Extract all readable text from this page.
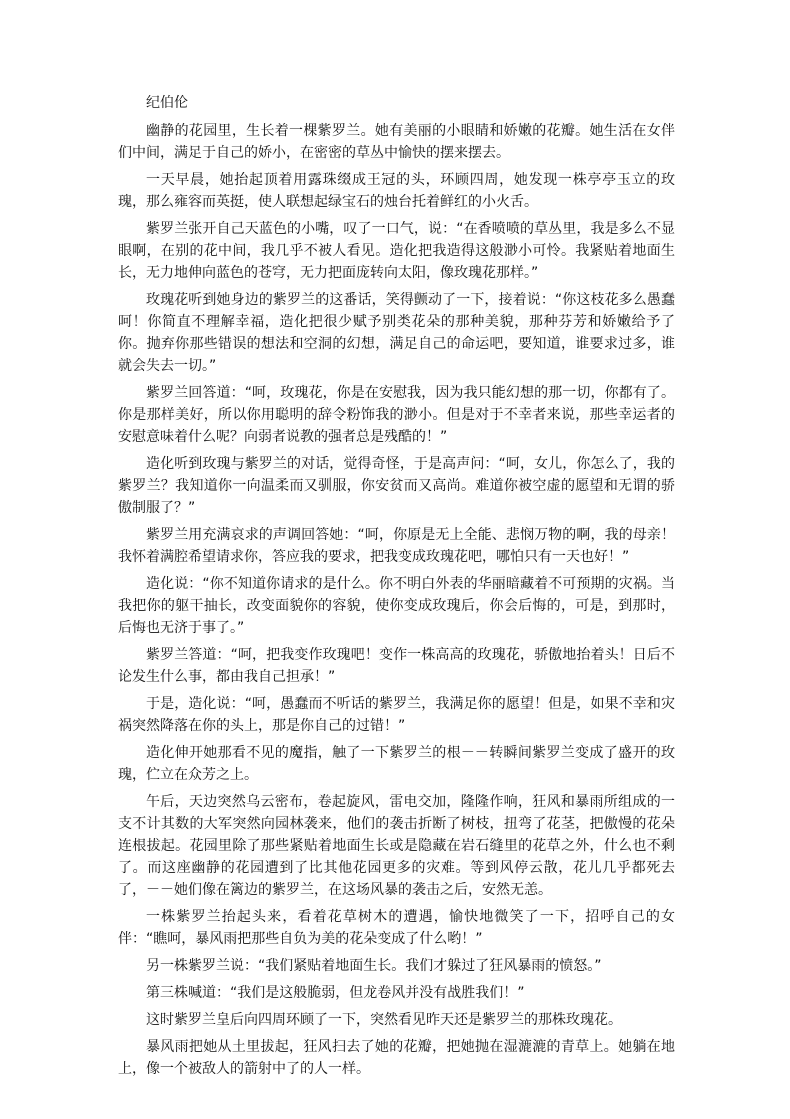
纪伯伦

幽静的花园里，生长着一棵紫罗兰。她有美丽的小眼睛和娇嫩的花瓣。她生活在女伴们中间，满足于自己的娇小，在密密的草丛中愉快的摆来摆去。

一天早晨，她抬起顶着用露珠缀成王冠的头，环顾四周，她发现一株亭亭玉立的玫瑰，那么雍容而英挺，使人联想起绿宝石的烛台托着鲜红的小火舌。

紫罗兰张开自己天蓝色的小嘴，叹了一口气，说：“在香喷喷的草丛里，我是多么不显眼啊，在别的花中间，我几乎不被人看见。造化把我造得这般渺小可怜。我紧贴着地面生长，无力地伸向蓝色的苍穹，无力把面庞转向太阳，像玫瑰花那样。”

玫瑰花听到她身边的紫罗兰的这番话，笑得颤动了一下，接着说：“你这枝花多么愚蠢呵！你简直不理解幸福，造化把很少赋予别类花朵的那种美貌，那种芬芳和娇嫩给予了你。抛弃你那些错误的想法和空洞的幻想，满足自己的命运吧，要知道，谁要求过多，谁就会失去一切。”

紫罗兰回答道：“呵，玫瑰花，你是在安慰我，因为我只能幻想的那一切，你都有了。你是那样美好，所以你用聪明的辞令粉饰我的渺小。但是对于不幸者来说，那些幸运者的安慰意味着什么呢？向弱者说教的强者总是残酷的！”

造化听到玫瑰与紫罗兰的对话，觉得奇怪，于是高声问：“呵，女儿，你怎么了，我的紫罗兰？我知道你一向温柔而又驯服，你安贫而又高尚。难道你被空虚的愿望和无谓的骄傲制服了？”

紫罗兰用充满哀求的声调回答她：“呵，你原是无上全能、悲悯万物的啊，我的母亲！我怀着满腔希望请求你，答应我的要求，把我变成玫瑰花吧，哪怕只有一天也好！”

造化说：“你不知道你请求的是什么。你不明白外表的华丽暗藏着不可预期的灾祸。当我把你的躯干抽长，改变面貌你的容貌，使你变成玫瑰后，你会后悔的，可是，到那时，后悔也无济于事了。”

紫罗兰答道：“呵，把我变作玫瑰吧！变作一株高高的玫瑰花，骄傲地抬着头！日后不论发生什么事，都由我自己担承！”

于是，造化说：“呵，愚蠢而不听话的紫罗兰，我满足你的愿望！但是，如果不幸和灾祸突然降落在你的头上，那是你自己的过错！”

造化伸开她那看不见的魔指，触了一下紫罗兰的根－－转瞬间紫罗兰变成了盛开的玫瑰，伫立在众芳之上。

午后，天边突然乌云密布，卷起旋风，雷电交加，隆隆作响，狂风和暴雨所组成的一支不计其数的大军突然向园林袭来，他们的袭击折断了树枝，扭弯了花茎，把傲慢的花朵连根拔起。花园里除了那些紧贴着地面生长或是隐藏在岩石缝里的花草之外，什么也不剩了。而这座幽静的花园遭到了比其他花园更多的灾难。等到风停云散，花儿几乎都死去了，－－她们像在篱边的紫罗兰，在这场风暴的袭击之后，安然无恙。

一株紫罗兰抬起头来，看着花草树木的遭遇，愉快地微笑了一下，招呼自己的女伴：“瞧呵，暴风雨把那些自负为美的花朵变成了什么哟！”

另一株紫罗兰说：“我们紧贴着地面生长。我们才躲过了狂风暴雨的愤怒。”

第三株喊道：“我们是这般脆弱，但龙卷风并没有战胜我们！”

这时紫罗兰皇后向四周环顾了一下，突然看见昨天还是紫罗兰的那株玫瑰花。

暴风雨把她从土里拔起，狂风扫去了她的花瓣，把她抛在湿漉漉的青草上。她躺在地上，像一个被敌人的箭射中了的人一样。
